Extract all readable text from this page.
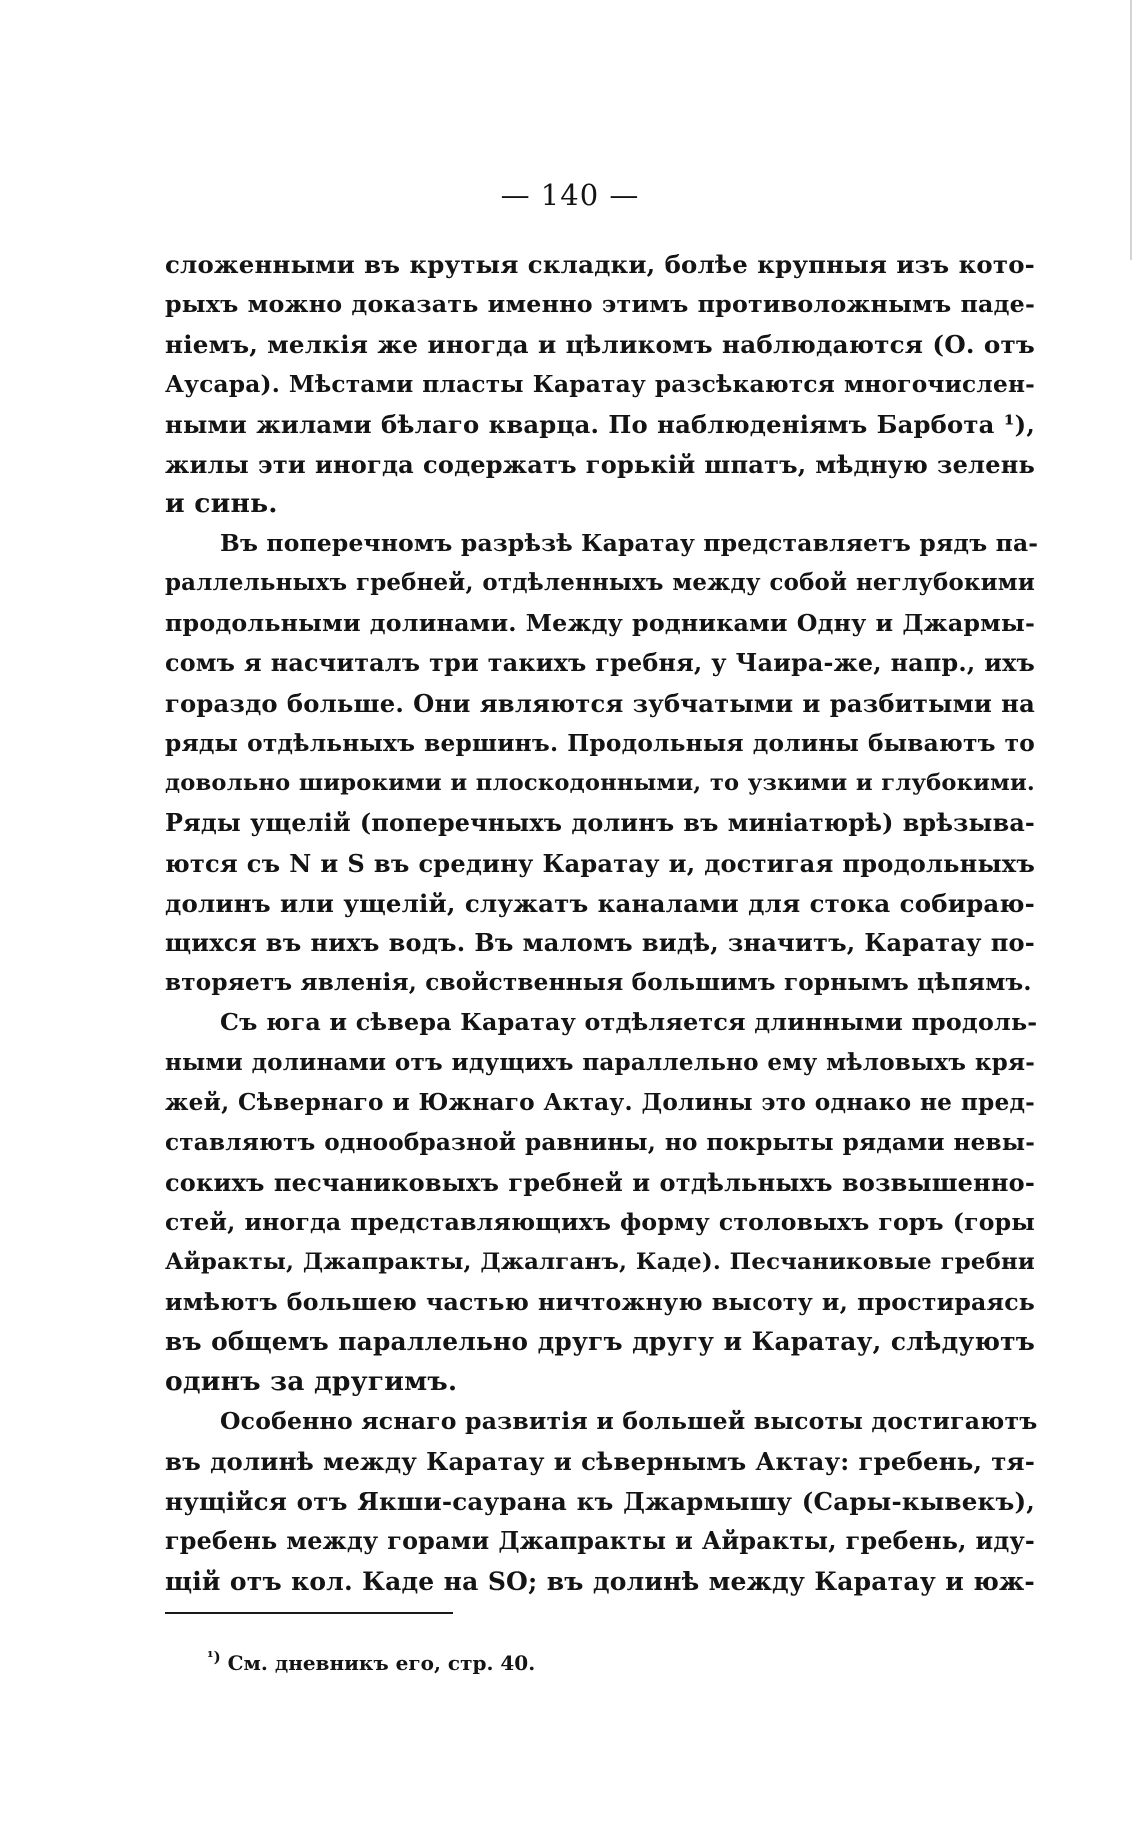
— 140 —
сложенными въ крутыя складки, болѣе крупныя изъ кото-
рыхъ можно доказать именно этимъ противоложнымъ паде-
ніемъ, мелкія же иногда и цѣликомъ наблюдаются (О. отъ
Аусара). Мѣстами пласты Каратау разсѣкаются многочислен-
ными жилами бѣлаго кварца. По наблюденіямъ Барбота ¹),
жилы эти иногда содержатъ горькій шпатъ, мѣдную зелень
и синь.
Въ поперечномъ разрѣзѣ Каратау представляетъ рядъ па-
раллельныхъ гребней, отдѣленныхъ между собой неглубокими
продольными долинами. Между родниками Одну и Джармы-
сомъ я насчиталъ три такихъ гребня, у Чаира-же, напр., ихъ
гораздо больше. Они являются зубчатыми и разбитыми на
ряды отдѣльныхъ вершинъ. Продольныя долины бываютъ то
довольно широкими и плоскодонными, то узкими и глубокими.
Ряды ущелій (поперечныхъ долинъ въ миніатюрѣ) врѣзыва-
ются съ N и S въ средину Каратау и, достигая продольныхъ
долинъ или ущелій, служатъ каналами для стока собираю-
щихся въ нихъ водъ. Въ маломъ видѣ, значитъ, Каратау по-
вторяетъ явленія, свойственныя большимъ горнымъ цѣпямъ.
Съ юга и сѣвера Каратау отдѣляется длинными продоль-
ными долинами отъ идущихъ параллельно ему мѣловыхъ кря-
жей, Сѣвернаго и Южнаго Актау. Долины это однако не пред-
ставляютъ однообразной равнины, но покрыты рядами невы-
сокихъ песчаниковыхъ гребней и отдѣльныхъ возвышенно-
стей, иногда представляющихъ форму столовыхъ горъ (горы
Айракты, Джапракты, Джалганъ, Каде). Песчаниковые гребни
имѣютъ большею частью ничтожную высоту и, простираясь
въ общемъ параллельно другъ другу и Каратау, слѣдуютъ
одинъ за другимъ.
Особенно яснаго развитія и большей высоты достигаютъ
въ долинѣ между Каратау и сѣвернымъ Актау: гребень, тя-
нущійся отъ Якши-саурана къ Джармышу (Сары-кывекъ),
гребень между горами Джапракты и Айракты, гребень, иду-
щій отъ кол. Каде на SO; въ долинѣ между Каратау и юж-
$^{^1)}$ См. дневникъ его, стр. 40.
